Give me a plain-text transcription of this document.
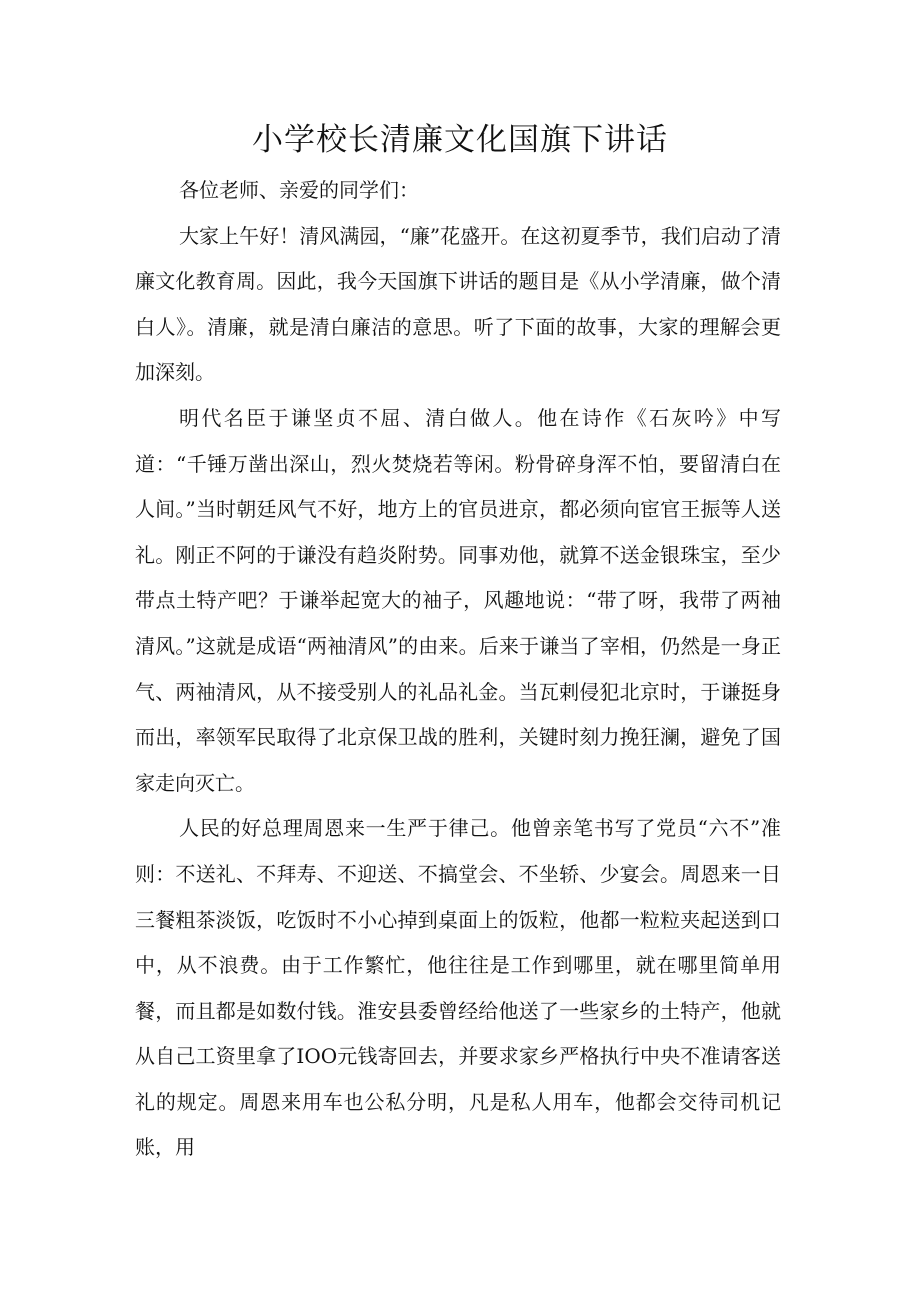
小学校长清廉文化国旗下讲话

各位老师、亲爱的同学们：

大家上午好！清风满园，“廉”花盛开。在这初夏季节，我们启动了清廉文化教育周。因此，我今天国旗下讲话的题目是《从小学清廉，做个清白人》。清廉，就是清白廉洁的意思。听了下面的故事，大家的理解会更加深刻。

明代名臣于谦坚贞不屈、清白做人。他在诗作《石灰吟》中写道：“千锤万凿出深山，烈火焚烧若等闲。粉骨碎身浑不怕，要留清白在人间。”当时朝廷风气不好，地方上的官员进京，都必须向宦官王振等人送礼。刚正不阿的于谦没有趋炎附势。同事劝他，就算不送金银珠宝，至少带点土特产吧？于谦举起宽大的袖子，风趣地说：“带了呀，我带了两袖清风。”这就是成语“两袖清风”的由来。后来于谦当了宰相，仍然是一身正气、两袖清风，从不接受别人的礼品礼金。当瓦剌侵犯北京时，于谦挺身而出，率领军民取得了北京保卫战的胜利，关键时刻力挽狂澜，避免了国家走向灭亡。

人民的好总理周恩来一生严于律己。他曾亲笔书写了党员“六不”准则：不送礼、不拜寿、不迎送、不搞堂会、不坐轿、少宴会。周恩来一日三餐粗茶淡饭，吃饭时不小心掉到桌面上的饭粒，他都一粒粒夹起送到口中，从不浪费。由于工作繁忙，他往往是工作到哪里，就在哪里简单用餐，而且都是如数付钱。淮安县委曾经给他送了一些家乡的土特产，他就从自己工资里拿了IOO元钱寄回去，并要求家乡严格执行中央不准请客送礼的规定。周恩来用车也公私分明，凡是私人用车，他都会交待司机记账，用
